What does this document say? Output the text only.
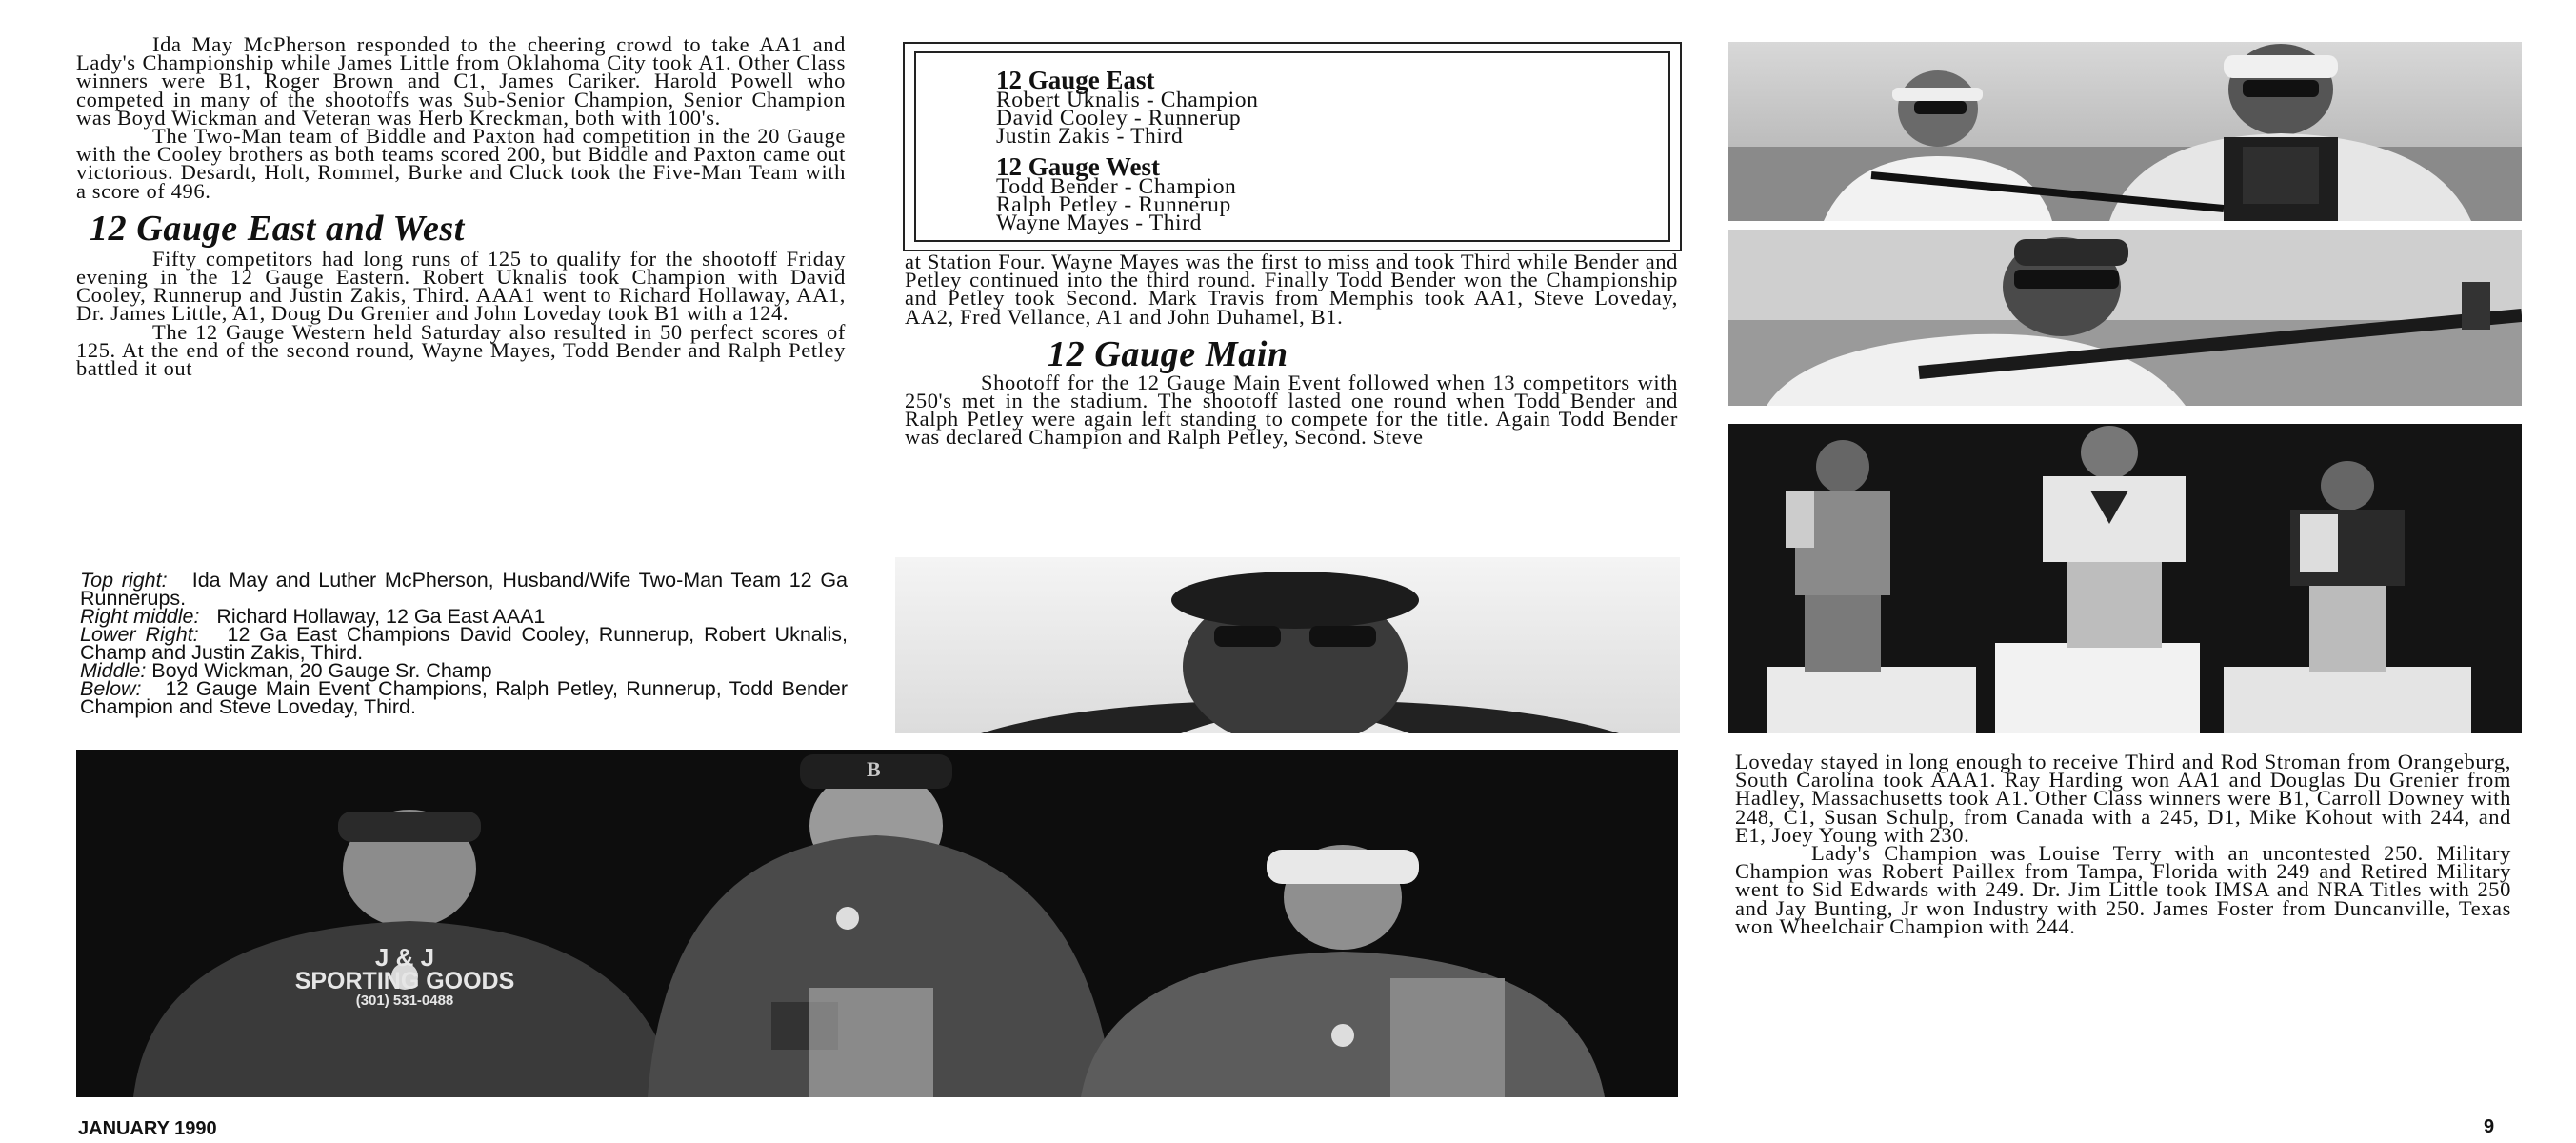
Ida May McPherson responded to the cheering crowd to take AA1 and Lady's Championship while James Little from Oklahoma City took A1. Other Class winners were B1, Roger Brown and C1, James Cariker. Harold Powell who competed in many of the shootoffs was Sub-Senior Champion, Senior Champion was Boyd Wickman and Veteran was Herb Kreckman, both with 100's.

The Two-Man team of Biddle and Paxton had competition in the 20 Gauge with the Cooley brothers as both teams scored 200, but Biddle and Paxton came out victorious. Desardt, Holt, Rommel, Burke and Cluck took the Five-Man Team with a score of 496.

12 Gauge East and West

Fifty competitors had long runs of 125 to qualify for the shootoff Friday evening in the 12 Gauge Eastern. Robert Uknalis took Champion with David Cooley, Runnerup and Justin Zakis, Third. AAA1 went to Richard Hollaway, AA1, Dr. James Little, A1, Doug Du Grenier and John Loveday took B1 with a 124.

The 12 Gauge Western held Saturday also resulted in 50 perfect scores of 125. At the end of the second round, Wayne Mayes, Todd Bender and Ralph Petley battled it out

Top right: Ida May and Luther McPherson, Husband/Wife Two-Man Team 12 Ga Runnerups.

Right middle: Richard Hollaway, 12 Ga East AAA1

Lower Right: 12 Ga East Champions David Cooley, Runnerup, Robert Uknalis, Champ and Justin Zakis, Third.

Middle: Boyd Wickman, 20 Gauge Sr. Champ

Below: 12 Gauge Main Event Champions, Ralph Petley, Runnerup, Todd Bender Champion and Steve Loveday, Third.

12 Gauge East
Robert Uknalis - Champion
David Cooley - Runnerup
Justin Zakis - Third
12 Gauge West
Todd Bender - Champion
Ralph Petley - Runnerup
Wayne Mayes - Third

at Station Four. Wayne Mayes was the first to miss and took Third while Bender and Petley continued into the third round. Finally Todd Bender won the Championship and Petley took Second. Mark Travis from Memphis took AA1, Steve Loveday, AA2, Fred Vellance, A1 and John Duhamel, B1.

12 Gauge Main

Shootoff for the 12 Gauge Main Event followed when 13 competitors with 250's met in the stadium. The shootoff lasted one round when Todd Bender and Ralph Petley were again left standing to compete for the title. Again Todd Bender was declared Champion and Ralph Petley, Second. Steve

J & J
SPORTING GOODS
(301) 531-0488
B	Loveday stayed in long enough to receive Third and Rod Stroman from Orangeburg, South Carolina took AAA1. Ray Harding won AA1 and Douglas Du Grenier from Hadley, Massachusetts took A1. Other Class winners were B1, Carroll Downey with 248, C1, Susan Schulp, from Canada with a 245, D1, Mike Kohout with 244, and E1, Joey Young with 230.

Lady's Champion was Louise Terry with an uncontested 250. Military Champion was Robert Paillex from Tampa, Florida with 249 and Retired Military went to Sid Edwards with 249. Dr. Jim Little took IMSA and NRA Titles with 250 and Jay Bunting, Jr won Industry with 250. James Foster from Duncanville, Texas won Wheelchair Champion with 244.

JANUARY 1990	9
